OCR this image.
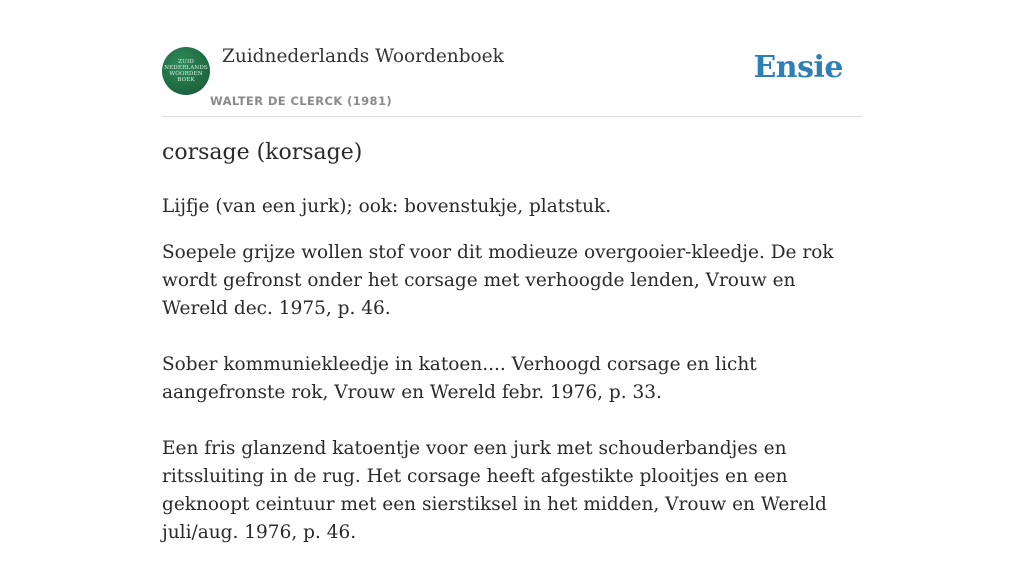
ZUID
NEDERLANDS
WOORDEN
BOEK
Zuidnederlands Woordenboek
WALTER DE CLERCK (1981)
Ensie
corsage (korsage)

Lijfje (van een jurk); ook: bovenstukje, platstuk.

Soepele grijze wollen stof voor dit modieuze overgooier-kleedje. De rok wordt gefronst onder het corsage met verhoogde lenden, Vrouw en Wereld dec. 1975, p. 46.

Sober kommuniekleedje in katoen.... Verhoogd corsage en licht aangefronste rok, Vrouw en Wereld febr. 1976, p. 33.

Een fris glanzend katoentje voor een jurk met schouderbandjes en ritssluiting in de rug. Het corsage heeft afgestikte plooitjes en een geknoopt ceintuur met een sierstiksel in het midden, Vrouw en Wereld juli/aug. 1976, p. 46.
